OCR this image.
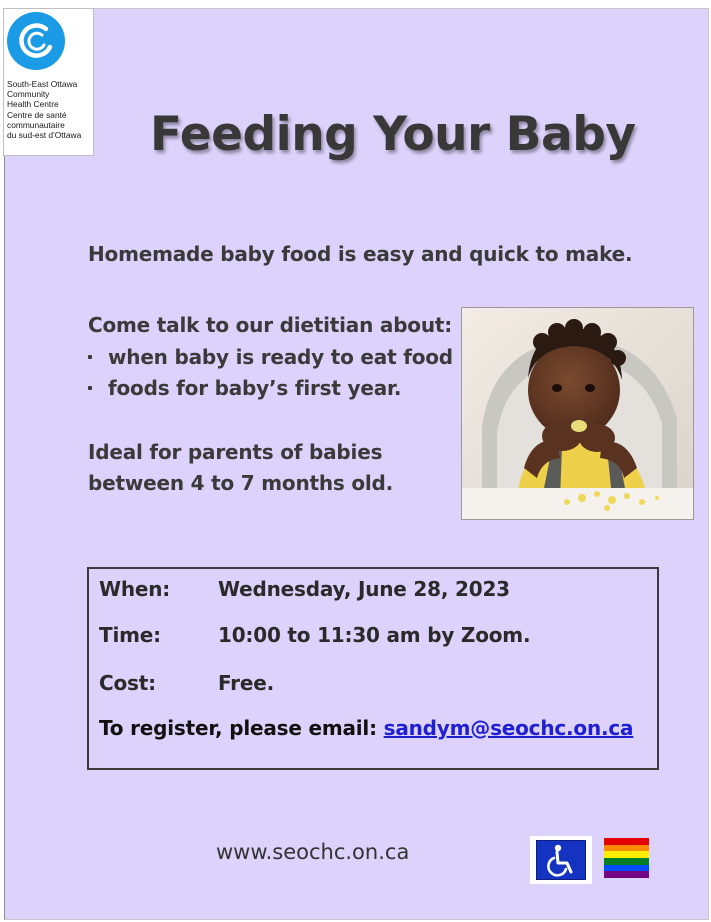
South-East Ottawa
Community
Health Centre
Centre de santé
communautaire
du sud-est d'Ottawa Feeding Your Baby
Homemade baby food is easy and quick to make.
Come talk to our dietitian about:
when baby is ready to eat food
foods for baby’s first year.
Ideal for parents of babies
between 4 to 7 months old.
When: Wednesday, June 28, 2023
Time:	10:00 to 11:30 am by Zoom.
Cost:	Free.
To register, please email: sandym@seochc.on.ca
www.seochc.on.ca
